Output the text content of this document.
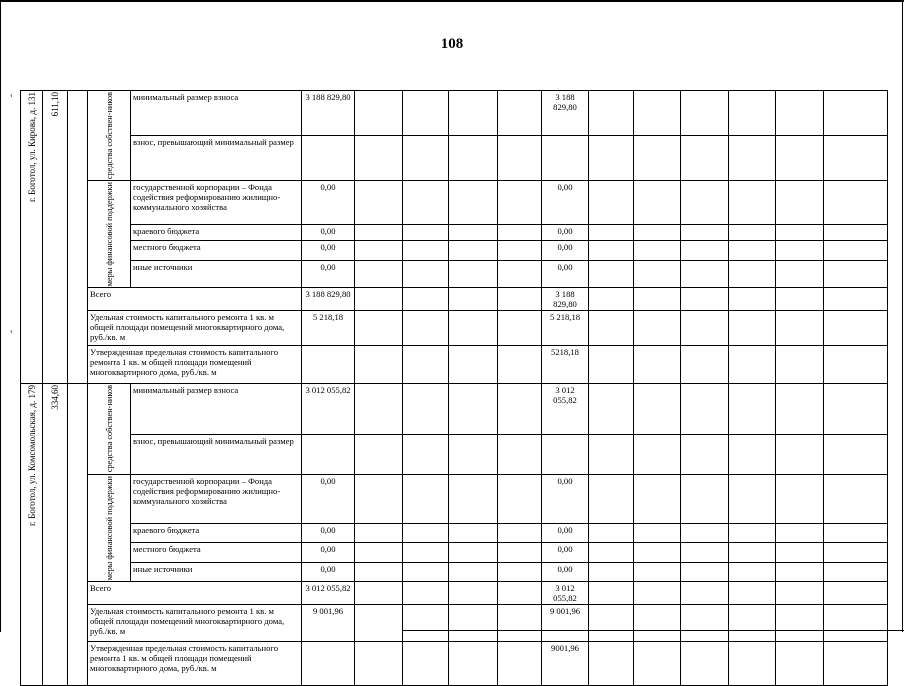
‹
‹
108
г. Боготол, ул. Кирова, д. 131	611,10		средства собствен-ников	минимальный размер взноса	3 188 829,80					3 188 829,80						
				взнос, превышающий минимальный размер												

			меры финансовой поддержки	государственной корпорации – Фонда содействия реформированию жилищно-коммунального хозяйства	0,00					0,00						
				краевого бюджета	0,00					0,00						
				местного бюджета	0,00					0,00						
				иные источники	0,00					0,00						
			Всего		3 188 829,80					3 188 829,80						
			Удельная стоимость капитального ремонта 1 кв. м общей площади помещений многоквартирного дома, руб./кв. м		5 218,18					5 218,18						
			Утвержденная предельная стоимость капитального ремонта 1 кв. м общей площади помещений многоквартирного дома, руб./кв. м							5218,18						

г. Боготол, ул. Комсомольская, д. 179	334,60		средства собствен-ников	минимальный размер взноса	3 012 055,82					3 012 055,82						
				взнос, превышающий минимальный размер												

			меры финансовой поддержки	государственной корпорации – Фонда содействия реформированию жилищно-коммунального хозяйства	0,00					0,00						
				краевого бюджета	0,00					0,00						
				местного бюджета	0,00					0,00						
				иные источники	0,00					0,00						
			Всего		3 012 055,82					3 012 055,82						
			Удельная стоимость капитального ремонта 1 кв. м общей площади помещений многоквартирного дома, руб./кв. м		9 001,96					9 001,96						
			Утвержденная предельная стоимость капитального ремонта 1 кв. м общей площади помещений многоквартирного дома, руб./кв. м							9001,96						
